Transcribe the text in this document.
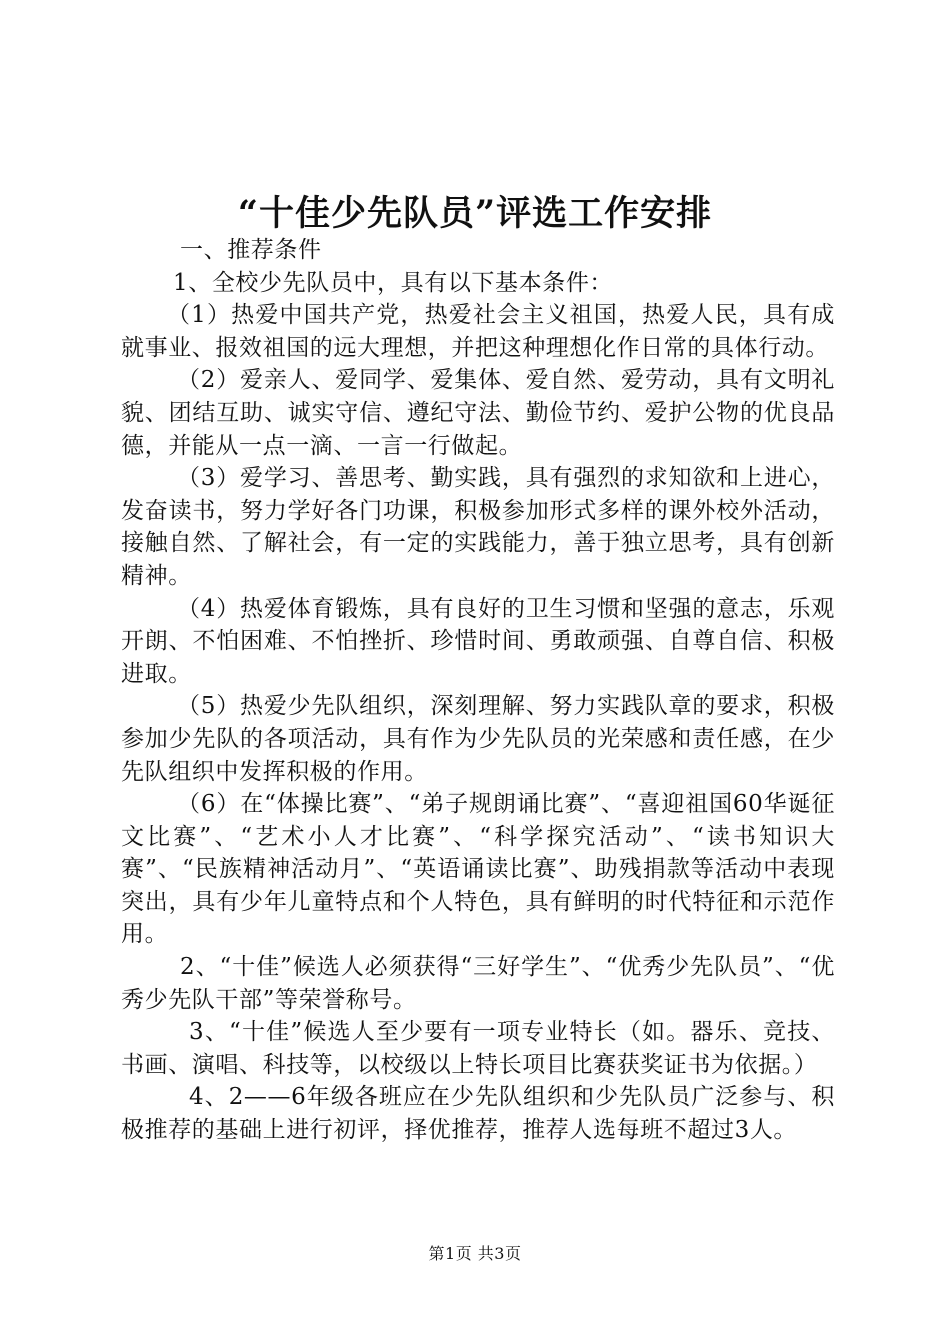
“十佳少先队员”评选工作安排

一、推荐条件

1、全校少先队员中，具有以下基本条件：

（1）热爱中国共产党，热爱社会主义祖国，热爱人民，具有成就事业、报效祖国的远大理想，并把这种理想化作日常的具体行动。

（2）爱亲人、爱同学、爱集体、爱自然、爱劳动，具有文明礼貌、团结互助、诚实守信、遵纪守法、勤俭节约、爱护公物的优良品德，并能从一点一滴、一言一行做起。

（3）爱学习、善思考、勤实践，具有强烈的求知欲和上进心，发奋读书，努力学好各门功课，积极参加形式多样的课外校外活动，接触自然、了解社会，有一定的实践能力，善于独立思考，具有创新精神。

（4）热爱体育锻炼，具有良好的卫生习惯和坚强的意志，乐观开朗、不怕困难、不怕挫折、珍惜时间、勇敢顽强、自尊自信、积极进取。

（5）热爱少先队组织，深刻理解、努力实践队章的要求，积极参加少先队的各项活动，具有作为少先队员的光荣感和责任感，在少先队组织中发挥积极的作用。

（6）在“体操比赛”、“弟子规朗诵比赛”、“喜迎祖国60华诞征文比赛”、“艺术小人才比赛”、“科学探究活动”、“读书知识大赛”、“民族精神活动月”、“英语诵读比赛”、助残捐款等活动中表现突出，具有少年儿童特点和个人特色，具有鲜明的时代特征和示范作用。

2、“十佳”候选人必须获得“三好学生”、“优秀少先队员”、“优秀少先队干部”等荣誉称号。

3、“十佳”候选人至少要有一项专业特长（如。器乐、竞技、书画、演唱、科技等，以校级以上特长项目比赛获奖证书为依据。）

4、2——6年级各班应在少先队组织和少先队员广泛参与、积极推荐的基础上进行初评，择优推荐，推荐人选每班不超过3人。

第1页 共3页
